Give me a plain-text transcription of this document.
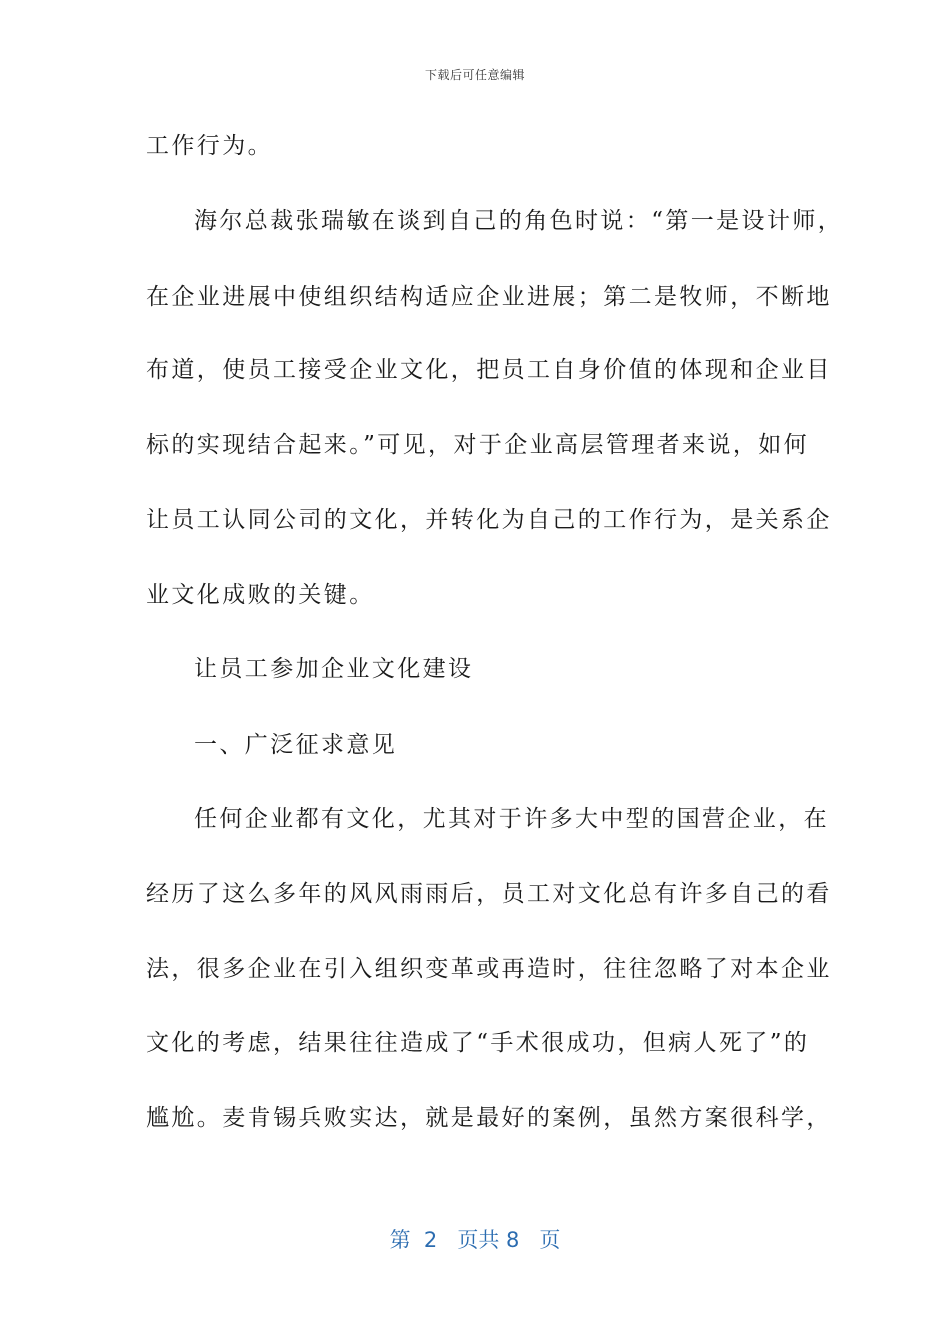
下载后可任意编辑
工作行为。
海尔总裁张瑞敏在谈到自己的角色时说：“第一是设计师，
在企业进展中使组织结构适应企业进展；第二是牧师，不断地
布道，使员工接受企业文化，把员工自身价值的体现和企业目
标的实现结合起来。”可见，对于企业高层管理者来说，如何
让员工认同公司的文化，并转化为自己的工作行为，是关系企
业文化成败的关键。
让员工参加企业文化建设
一、广泛征求意见
任何企业都有文化，尤其对于许多大中型的国营企业，在
经历了这么多年的风风雨雨后，员工对文化总有许多自己的看
法，很多企业在引入组织变革或再造时，往往忽略了对本企业
文化的考虑，结果往往造成了“手术很成功，但病人死了”的
尴尬。麦肯锡兵败实达，就是最好的案例，虽然方案很科学，
第 2 页共 8 页
